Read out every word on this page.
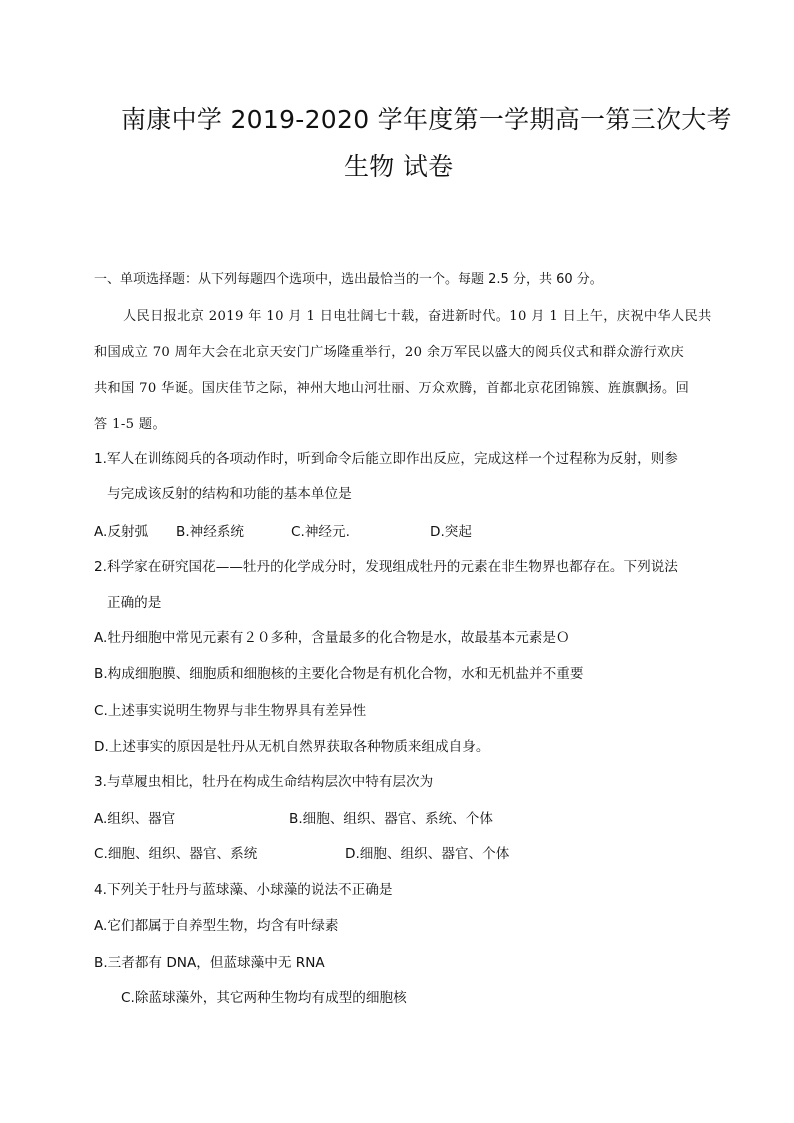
南康中学 2019-2020 学年度第一学期高一第三次大考
生物 试卷
一、单项选择题：从下列每题四个选项中，选出最恰当的一个。每题 2.5 分，共 60 分。
人民日报北京 2019 年 10 月 1 日电壮阔七十载，奋进新时代。10 月 1 日上午，庆祝中华人民共
和国成立 70 周年大会在北京天安门广场隆重举行，20 余万军民以盛大的阅兵仪式和群众游行欢庆
共和国 70 华诞。国庆佳节之际，神州大地山河壮丽、万众欢腾，首都北京花团锦簇、旌旗飘扬。回
答 1-5 题。
1.军人在训练阅兵的各项动作时，听到命令后能立即作出反应，完成这样一个过程称为反射，则参
与完成该反射的结构和功能的基本单位是
A.反射弧 B.神经系统	C.神经元.	D.突起
2.科学家在研究国花——牡丹的化学成分时，发现组成牡丹的元素在非生物界也都存在。下列说法
正确的是
A.牡丹细胞中常见元素有２０多种，含量最多的化合物是水，故最基本元素是Ｏ
B.构成细胞膜、细胞质和细胞核的主要化合物是有机化合物，水和无机盐并不重要
C.上述事实说明生物界与非生物界具有差异性
D.上述事实的原因是牡丹从无机自然界获取各种物质来组成自身。
3.与草履虫相比，牡丹在构成生命结构层次中特有层次为
A.组织、器官	B.细胞、组织、器官、系统、个体
C.细胞、组织、器官、系统	D.细胞、组织、器官、个体
4.下列关于牡丹与蓝球藻、小球藻的说法不正确是
A.它们都属于自养型生物，均含有叶绿素
B.三者都有 DNA，但蓝球藻中无 RNA
C.除蓝球藻外，其它两种生物均有成型的细胞核
